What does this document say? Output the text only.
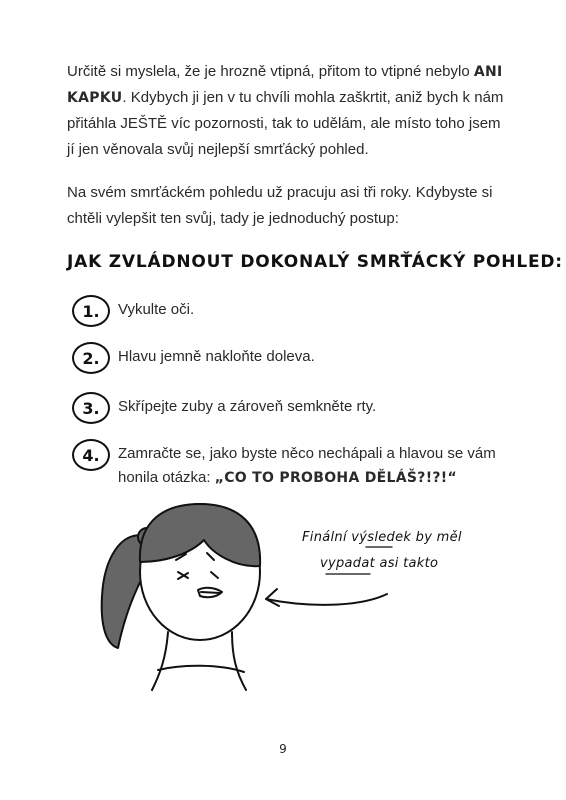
Určitě si myslela, že je hrozně vtipná, přitom to vtipné nebylo ANI KAPKU. Kdybych ji jen v tu chvíli mohla zaškrtit, aniž bych k nám přitáhla JEŠTĚ víc pozornosti, tak to udělám, ale místo toho jsem jí jen věnovala svůj nejlepší smrťácký pohled.
Na svém smrťáckém pohledu už pracuju asi tři roky. Kdybyste si chtěli vylepšit ten svůj, tady je jednoduchý postup:
JAK ZVLÁDNOUT DOKONALÝ SMRŤÁCKÝ POHLED:
1.	Vykulte oči.
2.	Hlavu jemně nakloňte doleva.
3.	Skřípejte zuby a zároveň semkněte rty.
4.	Zamračte se, jako byste něco nechápali a hlavou se vám honila otázka: „CO TO PROBOHA DĚLÁŠ?!?!“
Finální výsledek by měl
vypadat asi takto
9
